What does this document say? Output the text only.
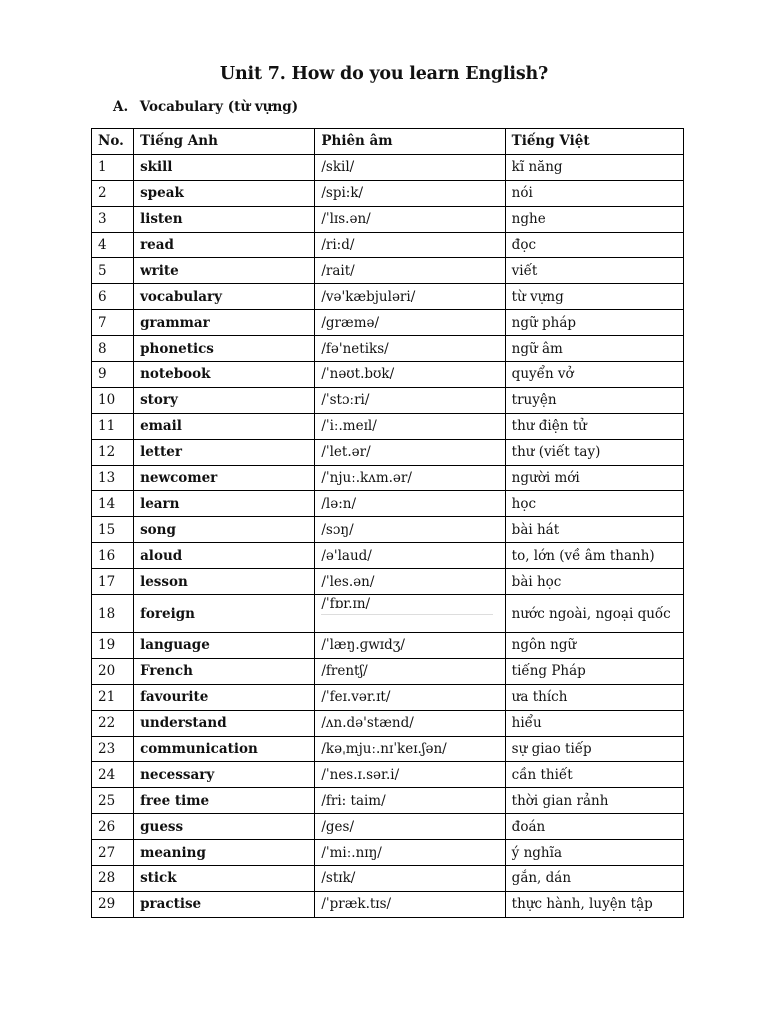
Unit 7. How do you learn English?
A. Vocabulary (từ vựng)
No.	Tiếng Anh	Phiên âm	Tiếng Việt
1	skill	/skil/	kĩ năng
2	speak	/spi:k/	nói
3	listen	/ˈlɪs.ən/	nghe
4	read	/ri:d/	đọc
5	write	/rait/	viết
6	vocabulary	/və'kæbjuləri/	từ vựng
7	grammar	/græmə/	ngữ pháp
8	phonetics	/fə'netiks/	ngữ âm
9	notebook	/ˈnəʊt.bʊk/	quyển vở
10	story	/ˈstɔːri/	truyện
11	email	/ˈiː.meɪl/	thư điện tử
12	letter	/ˈlet.ər/	thư (viết tay)
13	newcomer	/ˈnjuː.kʌm.ər/	người mới
14	learn	/lə:n/	học
15	song	/sɔŋ/	bài hát
16	aloud	/ə'laud/	to, lớn (về âm thanh)
17	lesson	/ˈles.ən/	bài học
18	foreign	/ˈfɒr.ɪn/	nước ngoài, ngoại quốc
19	language	/ˈlæŋ.ɡwɪdʒ/	ngôn ngữ
20	French	/frentʃ/	tiếng Pháp
21	favourite	/ˈfeɪ.vər.ɪt/	ưa thích
22	understand	/ʌn.də'stænd/	hiểu
23	communication	/kəˌmjuː.nɪˈkeɪ.ʃən/	sự giao tiếp
24	necessary	/ˈnes.ɪ.sər.i/	cần thiết
25	free time	/fri: taim/	thời gian rảnh
26	guess	/ges/	đoán
27	meaning	/ˈmiː.nɪŋ/	ý nghĩa
28	stick	/stɪk/	gắn, dán
29	practise	/ˈpræk.tɪs/	thực hành, luyện tập
